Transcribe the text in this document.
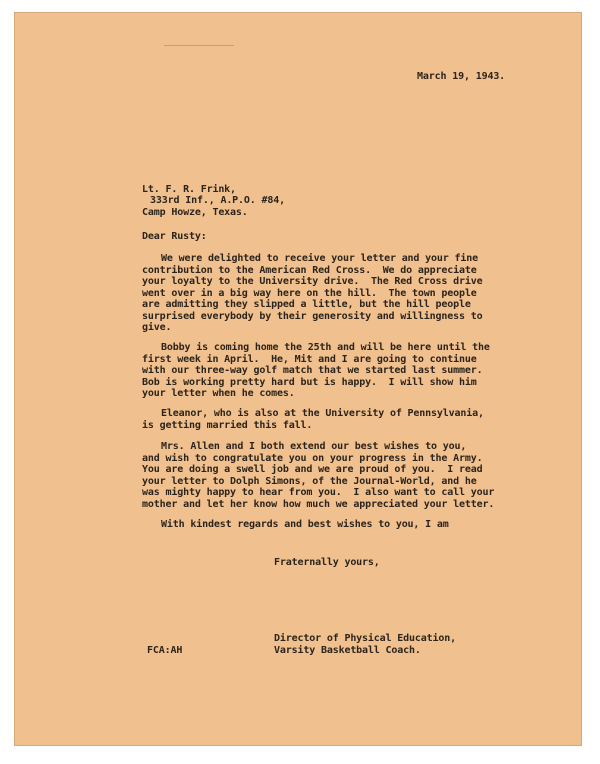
March 19, 1943.
Lt. F. R. Frink,
333rd Inf., A.P.O. #84,
Camp Howze, Texas.
Dear Rusty:
We were delighted to receive your letter and your fine
contribution to the American Red Cross.  We do appreciate
your loyalty to the University drive.  The Red Cross drive
went over in a big way here on the hill.  The town people
are admitting they slipped a little, but the hill people
surprised everybody by their generosity and willingness to
give.
Bobby is coming home the 25th and will be here until the
first week in April.  He, Mit and I are going to continue
with our three-way golf match that we started last summer.
Bob is working pretty hard but is happy.  I will show him
your letter when he comes.
Eleanor, who is also at the University of Pennsylvania,
is getting married this fall.
Mrs. Allen and I both extend our best wishes to you,
and wish to congratulate you on your progress in the Army.
You are doing a swell job and we are proud of you.  I read
your letter to Dolph Simons, of the Journal-World, and he
was mighty happy to hear from you.  I also want to call your
mother and let her know how much we appreciated your letter.
With kindest regards and best wishes to you, I am
Fraternally yours,
Director of Physical Education,
Varsity Basketball Coach.
FCA:AH
